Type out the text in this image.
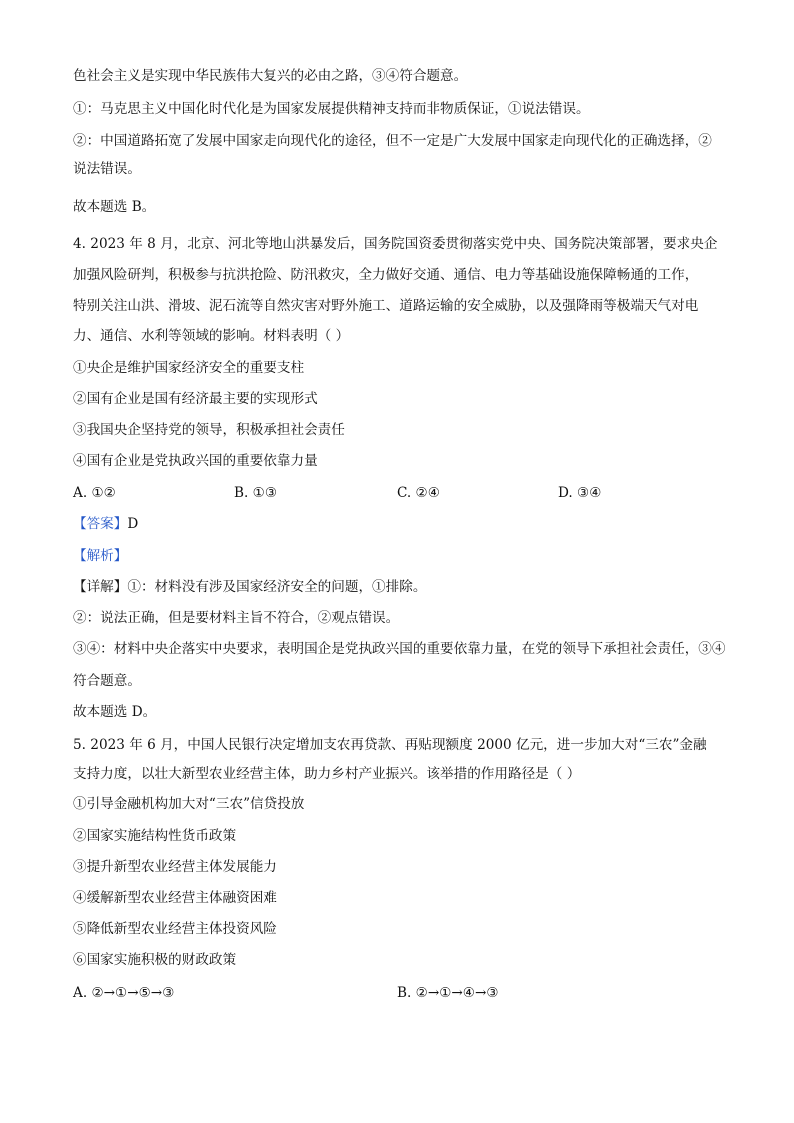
色社会主义是实现中华民族伟大复兴的必由之路，③④符合题意。
①：马克思主义中国化时代化是为国家发展提供精神支持而非物质保证，①说法错误。
②：中国道路拓宽了发展中国家走向现代化的途径，但不一定是广大发展中国家走向现代化的正确选择，②
说法错误。
故本题选 B。
4. 2023 年 8 月，北京、河北等地山洪暴发后，国务院国资委贯彻落实党中央、国务院决策部署，要求央企
加强风险研判，积极参与抗洪抢险、防汛救灾，全力做好交通、通信、电力等基础设施保障畅通的工作，
特别关注山洪、滑坡、泥石流等自然灾害对野外施工、道路运输的安全威胁，以及强降雨等极端天气对电
力、通信、水利等领域的影响。材料表明（ ）
①央企是维护国家经济安全的重要支柱
②国有企业是国有经济最主要的实现形式
③我国央企坚持党的领导，积极承担社会责任
④国有企业是党执政兴国的重要依靠力量
A. ①②	B. ①③	C. ②④	D. ③④
【答案】D
【解析】
【详解】①：材料没有涉及国家经济安全的问题，①排除。
②：说法正确，但是要材料主旨不符合，②观点错误。
③④：材料中央企落实中央要求，表明国企是党执政兴国的重要依靠力量，在党的领导下承担社会责任，③④
符合题意。
故本题选 D。
5. 2023 年 6 月，中国人民银行决定增加支农再贷款、再贴现额度 2000 亿元，进一步加大对“三农”金融
支持力度，以壮大新型农业经营主体，助力乡村产业振兴。该举措的作用路径是（ ）
①引导金融机构加大对“三农”信贷投放
②国家实施结构性货币政策
③提升新型农业经营主体发展能力
④缓解新型农业经营主体融资困难
⑤降低新型农业经营主体投资风险
⑥国家实施积极的财政政策
A. ②→①→⑤→③	B. ②→①→④→③
